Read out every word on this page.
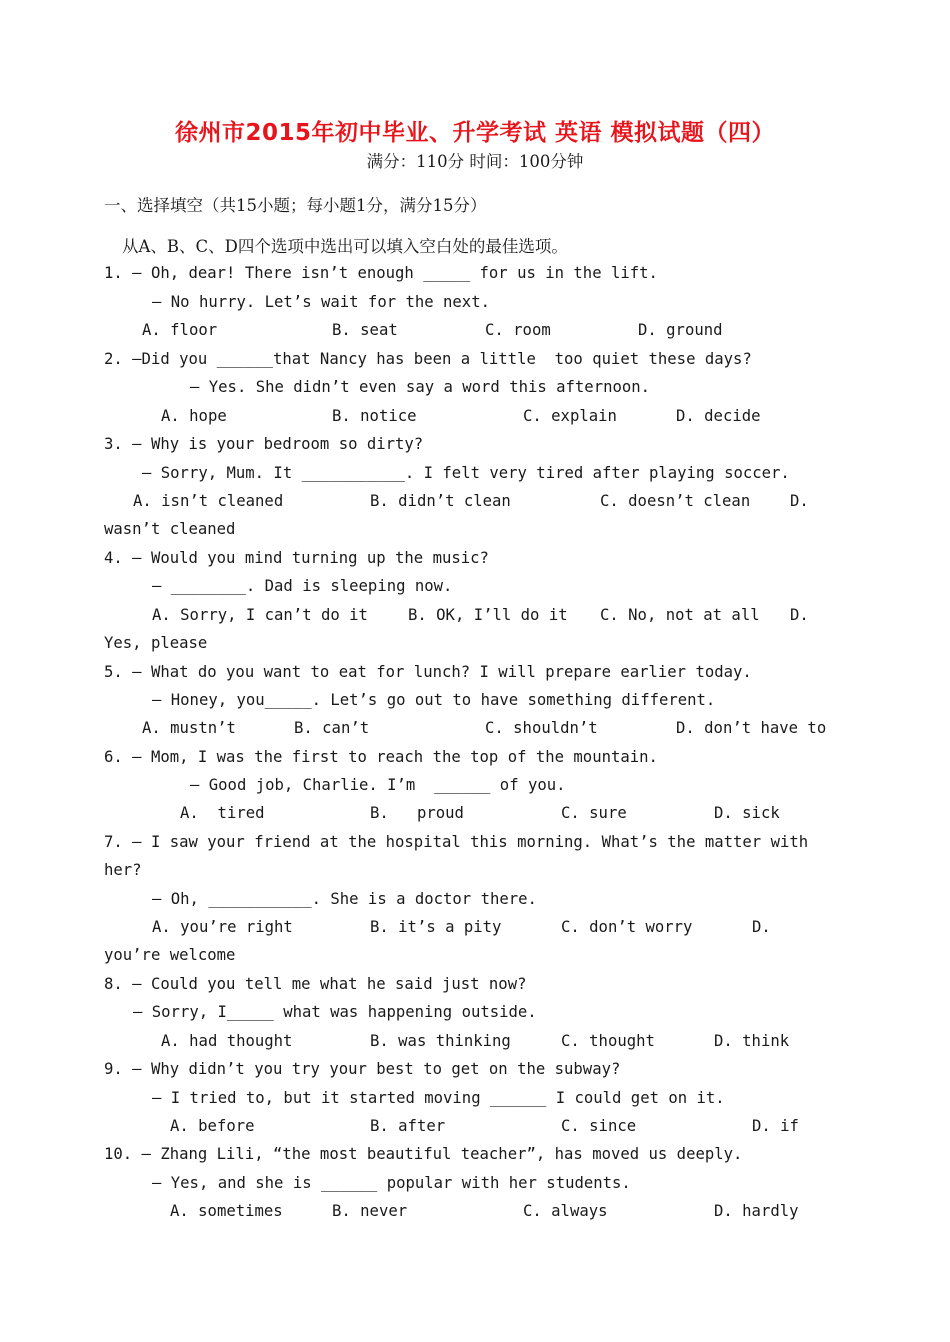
徐州市2015年初中毕业、升学考试 英语 模拟试题（四）
满分：110分 时间：100分钟
一、选择填空（共15小题；每小题1分，满分15分）
从A、B、C、D四个选项中选出可以填入空白处的最佳选项。
1. — Oh, dear! There isn’t enough _____ for us in the lift.
— No hurry. Let’s wait for the next.
A. floor	B. seat	C. room	D. ground
2. —Did you ______that Nancy has been a little  too quiet these days?
— Yes. She didn’t even say a word this afternoon.
A. hope	B. notice	C. explain	D. decide
3. — Why is your bedroom so dirty?
— Sorry, Mum. It ___________. I felt very tired after playing soccer.
A. isn’t cleaned	B. didn’t clean	C. doesn’t clean	D.
wasn’t cleaned
4. — Would you mind turning up the music?
— ________. Dad is sleeping now.
A. Sorry, I can’t do it	B. OK, I’ll do it C. No, not at all D.
Yes, please
5. — What do you want to eat for lunch? I will prepare earlier today.
— Honey, you_____. Let’s go out to have something different.
A. mustn’t	B. can’t	C. shouldn’t	D. don’t have to
6. — Mom, I was the first to reach the top of the mountain.
— Good job, Charlie. I’m  ______ of you.
A.  tired	B.   proud	C. sure	D. sick
7. — I saw your friend at the hospital this morning. What’s the matter with
her?
— Oh, ___________. She is a doctor there.
A. you’re right	B. it’s a pity	C. don’t worry	D.
you’re welcome
8. — Could you tell me what he said just now?
— Sorry, I_____ what was happening outside.
A. had thought	B. was thinking	C. thought	D. think
9. — Why didn’t you try your best to get on the subway?
— I tried to, but it started moving ______ I could get on it.
A. before	B. after	C. since	D. if
10. — Zhang Lili, “the most beautiful teacher”, has moved us deeply.
— Yes, and she is ______ popular with her students.
A. sometimes	B. never	C. always	D. hardly
